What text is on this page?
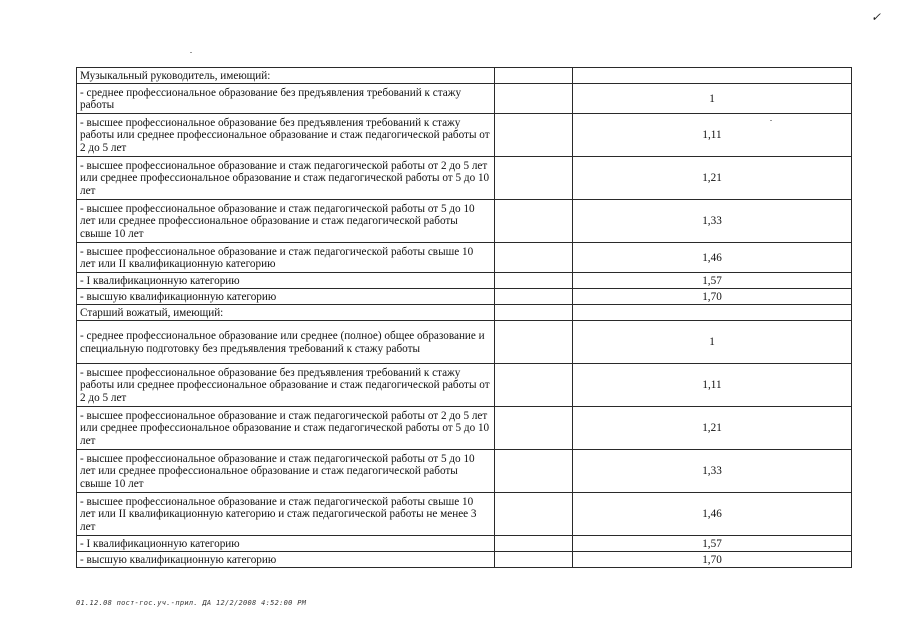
✓
Музыкальный руководитель, имеющий:		
- среднее профессиональное образование без предъявления требований к стажу работы		1
- высшее профессиональное образование без предъявления требований к стажу работы или среднее профессиональное образование и стаж педагогической работы от 2 до 5 лет		1,11
- высшее профессиональное образование и стаж педагогической работы от 2 до 5 лет или среднее профессиональное образование и стаж педагогической работы от 5 до 10 лет		1,21
- высшее профессиональное образование и стаж педагогической работы от 5 до 10 лет или среднее профессиональное образование и стаж педагогической работы свыше 10 лет		1,33
- высшее профессиональное образование и стаж педагогической работы свыше 10 лет или II квалификационную категорию		1,46
- I квалификационную категорию		1,57
- высшую квалификационную категорию		1,70
Старший вожатый, имеющий:		
- среднее профессиональное образование или среднее (полное) общее образование и специальную подготовку без предъявления требований к стажу работы		1
- высшее профессиональное образование без предъявления требований к стажу работы или среднее профессиональное образование и стаж педагогической работы от 2 до 5 лет		1,11
- высшее профессиональное образование и стаж педагогической работы от 2 до 5 лет или среднее профессиональное образование и стаж педагогической работы от 5 до 10 лет		1,21
- высшее профессиональное образование и стаж педагогической работы от 5 до 10 лет или среднее профессиональное образование и стаж педагогической работы свыше 10 лет		1,33
- высшее профессиональное образование и стаж педагогической работы свыше 10 лет или II квалификационную категорию и стаж педагогической работы не менее 3 лет		1,46
- I квалификационную категорию		1,57
- высшую квалификационную категорию		1,70
01.12.08 пост-гос.уч.-прил. ДА 12/2/2008 4:52:00 PM
